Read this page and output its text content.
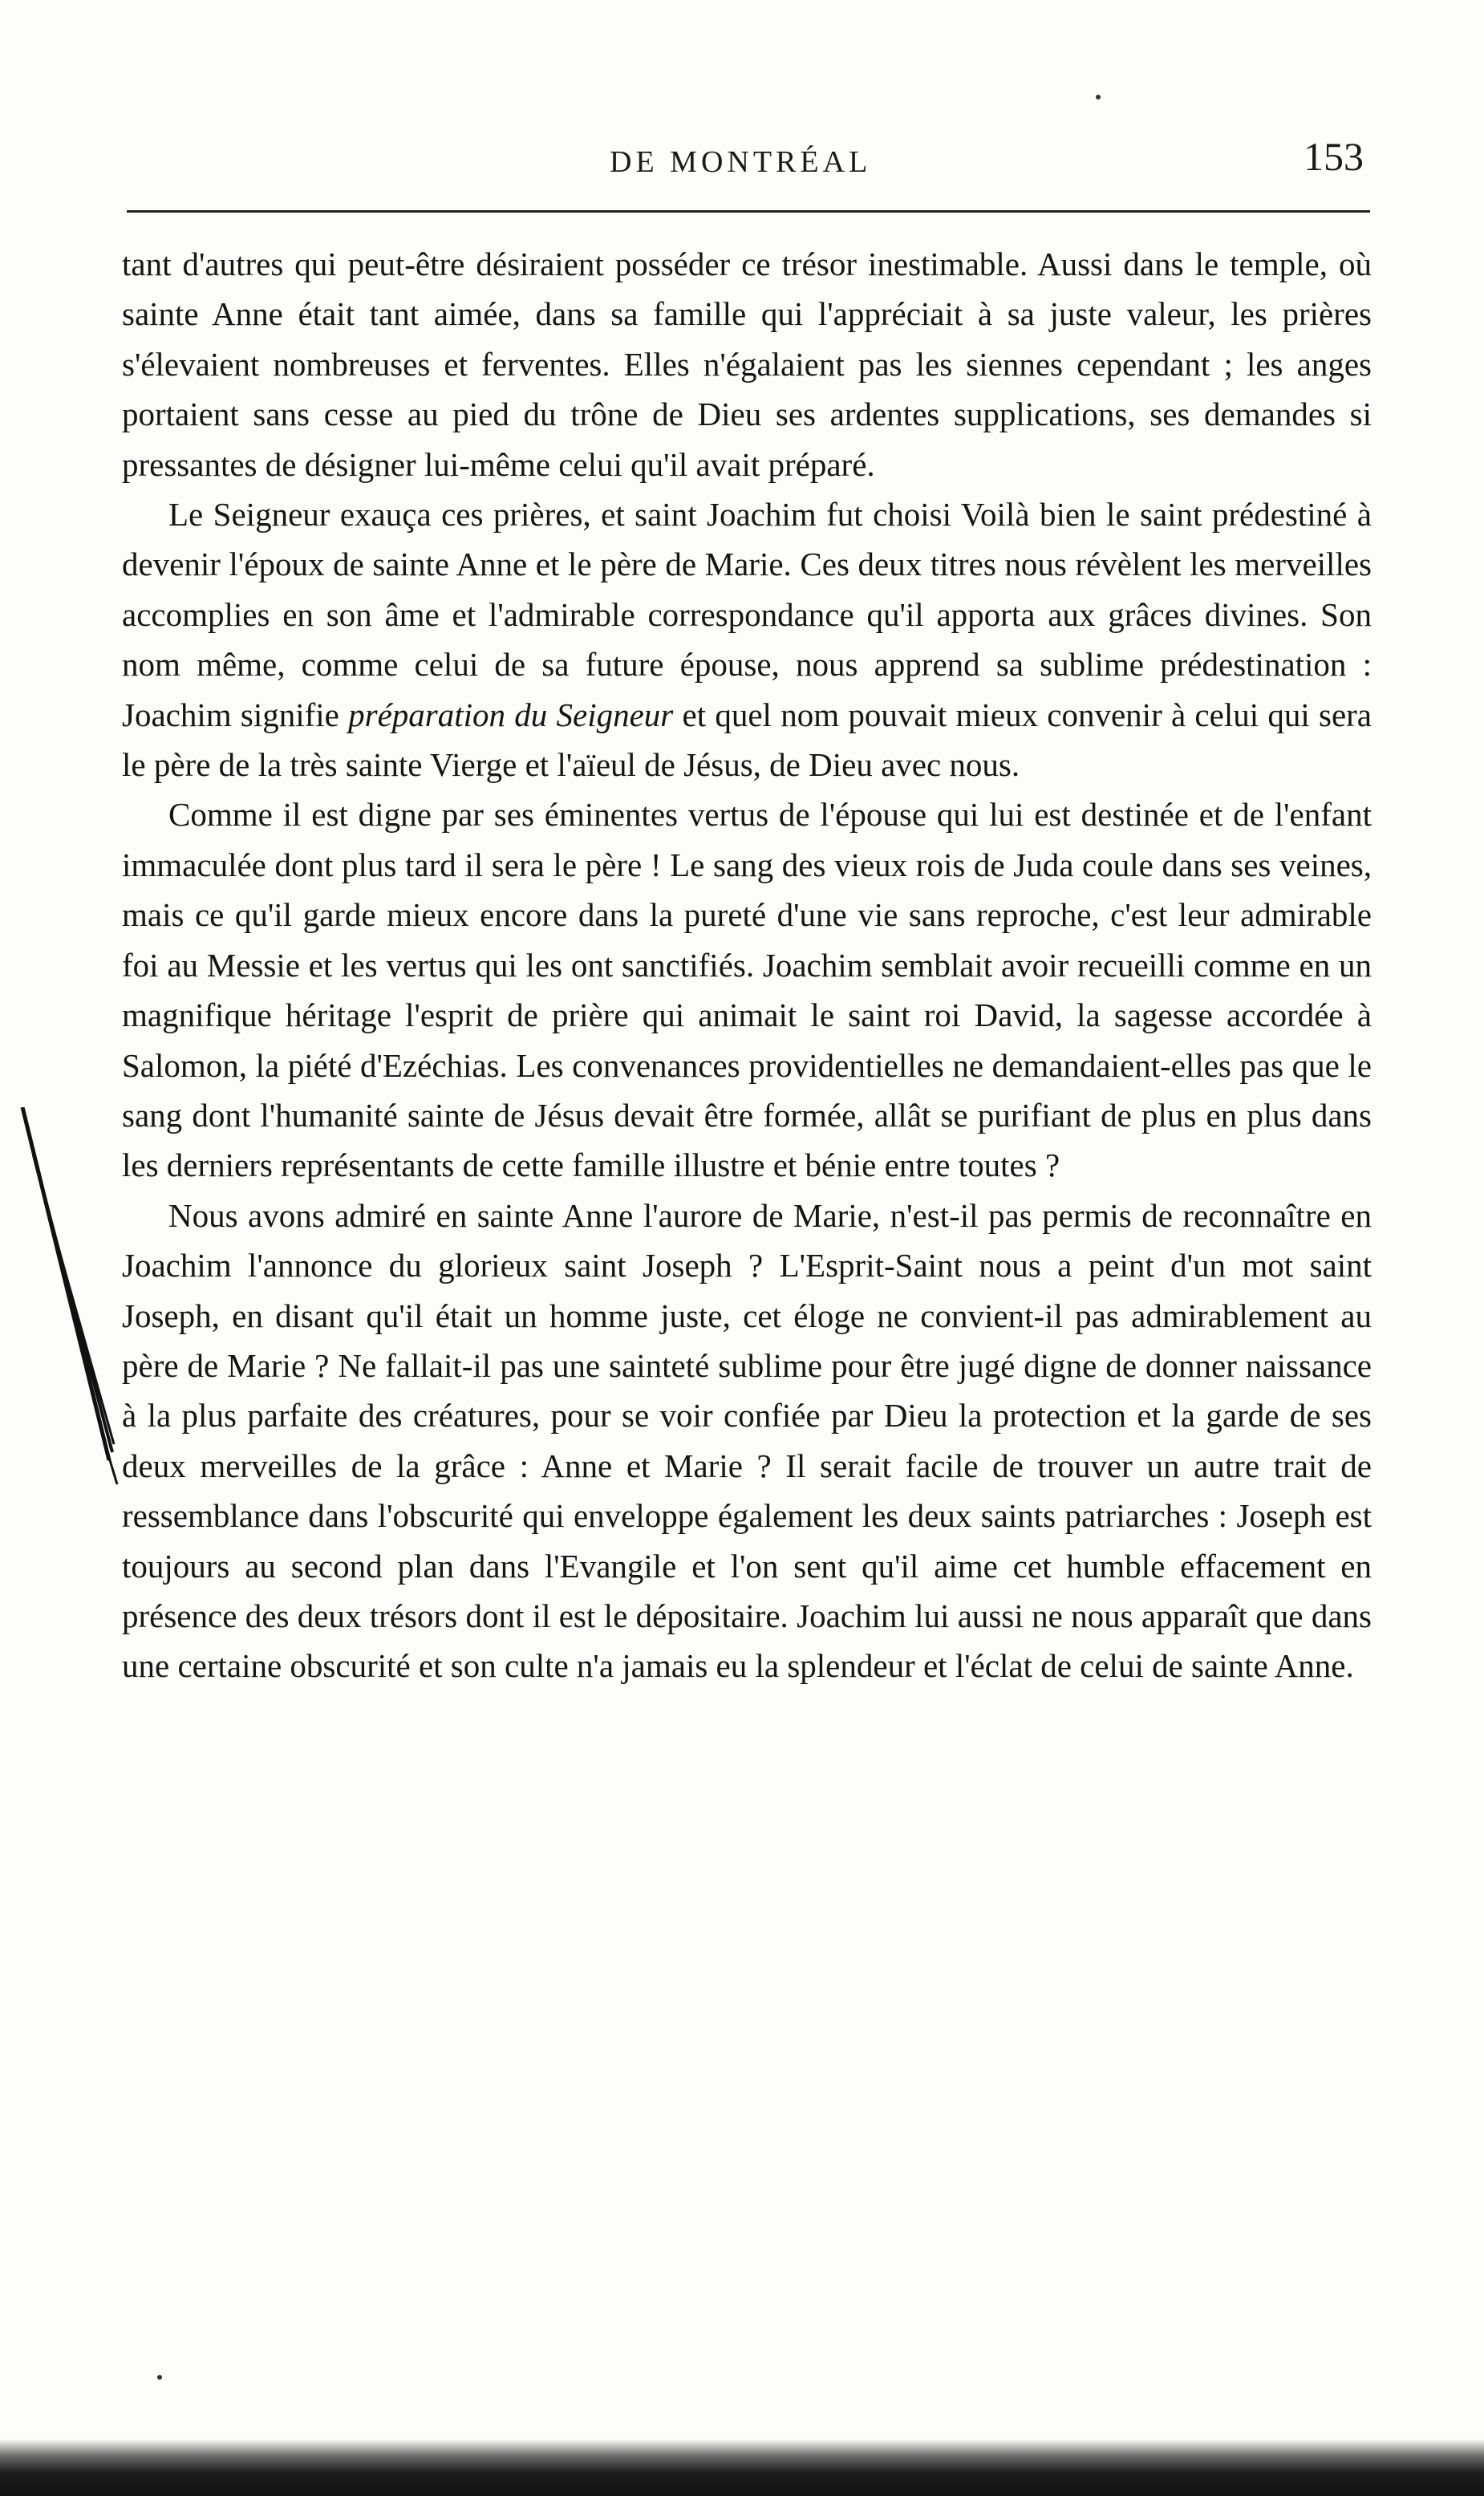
DE MONTRÉAL	153

tant d'autres qui peut-être désiraient posséder ce trésor inestimable. Aussi dans le temple, où sainte Anne était tant aimée, dans sa famille qui l'appréciait à sa juste valeur, les prières s'élevaient nombreuses et ferventes. Elles n'égalaient pas les siennes cependant ; les anges portaient sans cesse au pied du trône de Dieu ses ardentes supplications, ses demandes si pressantes de désigner lui-même celui qu'il avait préparé.

Le Seigneur exauça ces prières, et saint Joachim fut choisi Voilà bien le saint prédestiné à devenir l'époux de sainte Anne et le père de Marie. Ces deux titres nous révèlent les merveilles accomplies en son âme et l'admirable correspondance qu'il apporta aux grâces divines. Son nom même, comme celui de sa future épouse, nous apprend sa sublime prédestination : Joachim signifie préparation du Seigneur et quel nom pouvait mieux convenir à celui qui sera le père de la très sainte Vierge et l'aïeul de Jésus, de Dieu avec nous.

Comme il est digne par ses éminentes vertus de l'épouse qui lui est destinée et de l'enfant immaculée dont plus tard il sera le père ! Le sang des vieux rois de Juda coule dans ses veines, mais ce qu'il garde mieux encore dans la pureté d'une vie sans reproche, c'est leur admirable foi au Messie et les vertus qui les ont sanctifiés. Joachim semblait avoir recueilli comme en un magnifique héritage l'esprit de prière qui animait le saint roi David, la sagesse accordée à Salomon, la piété d'Ezéchias. Les convenances providentielles ne demandaient-elles pas que le sang dont l'humanité sainte de Jésus devait être formée, allât se purifiant de plus en plus dans les derniers représentants de cette famille illustre et bénie entre toutes ?

Nous avons admiré en sainte Anne l'aurore de Marie, n'est-il pas permis de reconnaître en Joachim l'annonce du glorieux saint Joseph ? L'Esprit-Saint nous a peint d'un mot saint Joseph, en disant qu'il était un homme juste, cet éloge ne convient-il pas admirablement au père de Marie ? Ne fallait-il pas une sainteté sublime pour être jugé digne de donner naissance à la plus parfaite des créatures, pour se voir confiée par Dieu la protection et la garde de ses deux merveilles de la grâce : Anne et Marie ? Il serait facile de trouver un autre trait de ressemblance dans l'obscurité qui enveloppe également les deux saints patriarches : Joseph est toujours au second plan dans l'Evangile et l'on sent qu'il aime cet humble effacement en présence des deux trésors dont il est le dépositaire. Joachim lui aussi ne nous apparaît que dans une certaine obscurité et son culte n'a jamais eu la splendeur et l'éclat de celui de sainte Anne.
